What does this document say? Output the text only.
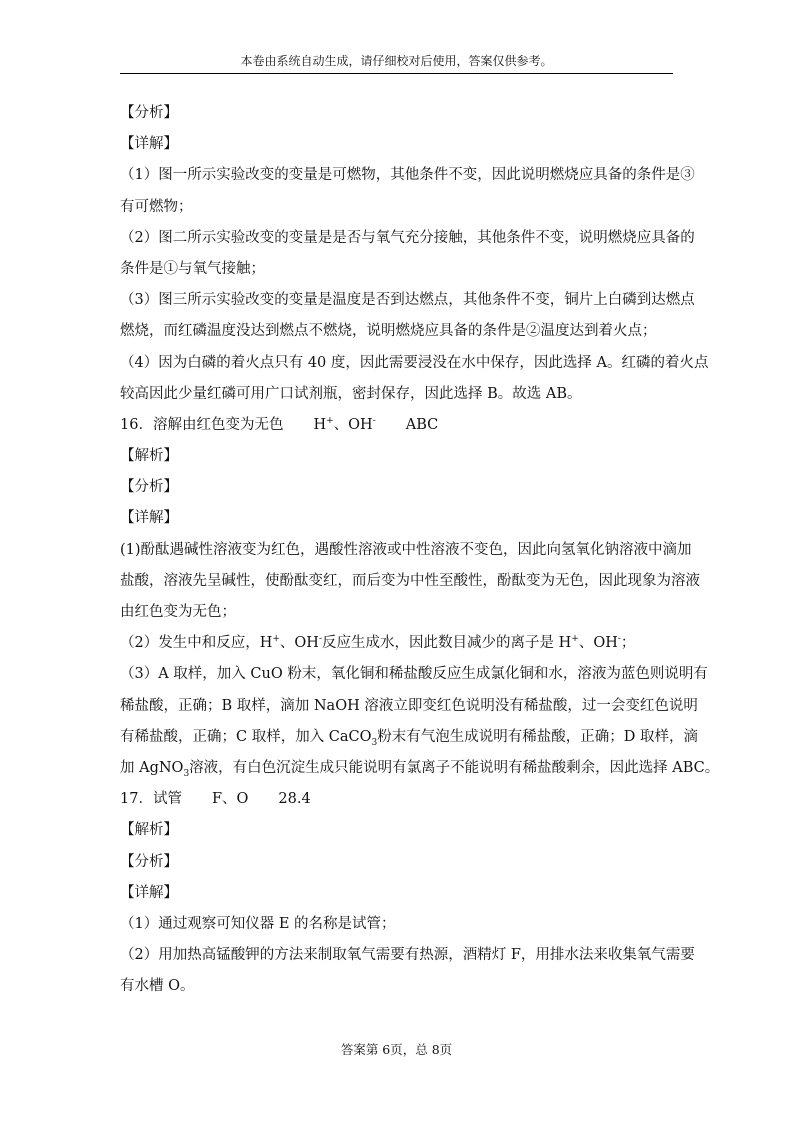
本卷由系统自动生成，请仔细校对后使用，答案仅供参考。
【分析】
【详解】
（1）图一所示实验改变的变量是可燃物，其他条件不变，因此说明燃烧应具备的条件是③
有可燃物；
（2）图二所示实验改变的变量是是否与氧气充分接触，其他条件不变，说明燃烧应具备的
条件是①与氧气接触；
（3）图三所示实验改变的变量是温度是否到达燃点，其他条件不变，铜片上白磷到达燃点
燃烧，而红磷温度没达到燃点不燃烧，说明燃烧应具备的条件是②温度达到着火点；
（4）因为白磷的着火点只有 40 度，因此需要浸没在水中保存，因此选择 A。红磷的着火点
较高因此少量红磷可用广口试剂瓶，密封保存，因此选择 B。故选 AB。
16．溶解由红色变为无色 H+、OH- ABC
【解析】
【分析】
【详解】
(1)酚酞遇碱性溶液变为红色，遇酸性溶液或中性溶液不变色，因此向氢氧化钠溶液中滴加
盐酸，溶液先呈碱性，使酚酞变红，而后变为中性至酸性，酚酞变为无色，因此现象为溶液
由红色变为无色；
（2）发生中和反应，H+、OH-反应生成水，因此数目减少的离子是 H+、OH-；
（3）A 取样，加入 CuO 粉末，氧化铜和稀盐酸反应生成氯化铜和水，溶液为蓝色则说明有
稀盐酸，正确；B 取样，滴加 NaOH 溶液立即变红色说明没有稀盐酸，过一会变红色说明
有稀盐酸，正确；C 取样，加入 CaCO$_3$粉末有气泡生成说明有稀盐酸，正确；D 取样，滴
加 AgNO$_3$溶液，有白色沉淀生成只能说明有氯离子不能说明有稀盐酸剩余，因此选择 ABC。
17．试管 F、O 28.4
【解析】
【分析】
【详解】
（1）通过观察可知仪器 E 的名称是试管；
（2）用加热高锰酸钾的方法来制取氧气需要有热源，酒精灯 F，用排水法来收集氧气需要
有水槽 O。
答案第 6页，总 8页
